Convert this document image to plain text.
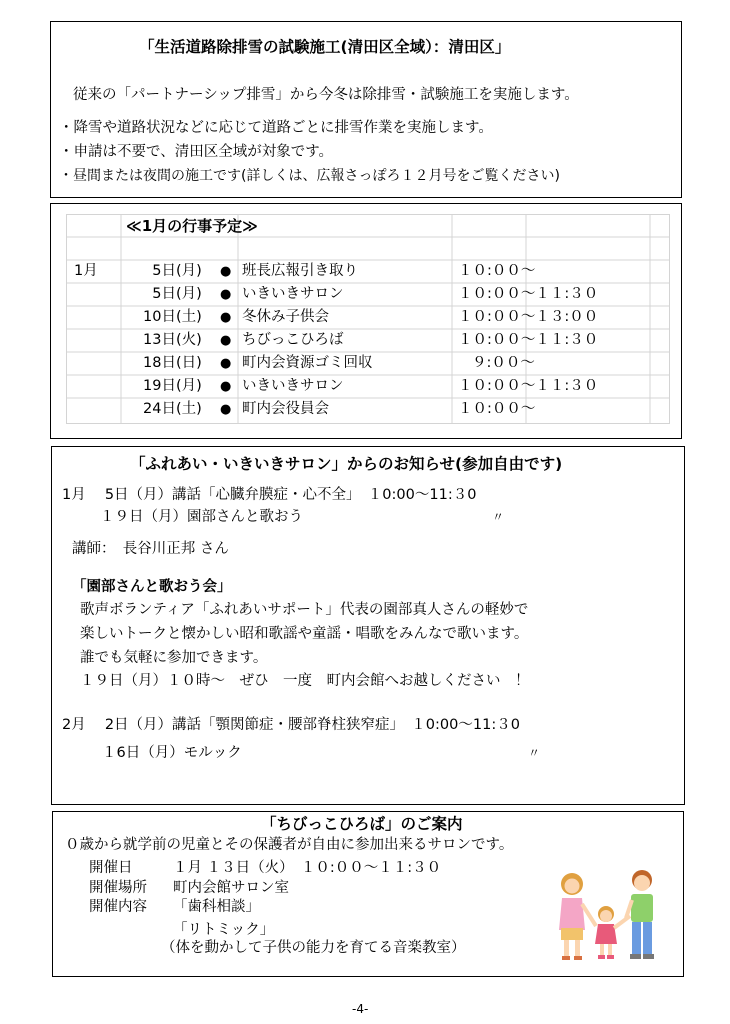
「生活道路除排雪の試験施工(清田区全域）：清田区」
従来の「パートナーシップ排雪」から今冬は除排雪・試験施工を実施します。
・降雪や道路状況などに応じて道路ごとに排雪作業を実施します。
・申請は不要で、清田区全域が対象です。
・昼間または夜間の施工です(詳しくは、広報さっぽろ１２月号をご覧ください)
≪1月の行事予定≫
1月	5日 (月) ● 班長広報引き取り	１０:００～
5日 (月) ● いきいきサロン	１０:００～１１:３０
10日 (土) ● 冬休み子供会	１０:００～１３:００
13日 (火) ● ちびっこひろば	１０:００～１１:３０
18日 (日) ● 町内会資源ゴミ回収	９:００～
19日 (月) ● いきいきサロン	１０:００～１１:３０
24日 (土) ● 町内会役員会	１０:００～
「ふれあい・いきいきサロン」からのお知らせ(参加自由です)
1月　 5日（月）講話「心臓弁膜症・心不全」　１0:00～11:３0
１９日（月）園部さんと歌おう	〃
講師：　長谷川正邦 さん
「園部さんと歌おう会」
歌声ボランティア「ふれあいサポート」代表の園部真人さんの軽妙で
楽しいトークと懐かしい昭和歌謡や童謡・唱歌をみんなで歌います。
誰でも気軽に参加できます。
１９日（月）１０時～　ぜひ　一度　町内会館へお越しください　！
2月　 2日（月）講話「顎関節症・腰部脊柱狭窄症」　１0:00～11:３0
１6日（月）モルック	〃
「ちびっこひろば」のご案内
０歳から就学前の児童とその保護者が自由に参加出来るサロンです。
開催日	１月 １３日（火）　１０:００～１１:３０
開催場所 町内会館サロン室
開催内容 「歯科相談」
「リトミック」
（体を動かして子供の能力を育てる音楽教室）
-4-
